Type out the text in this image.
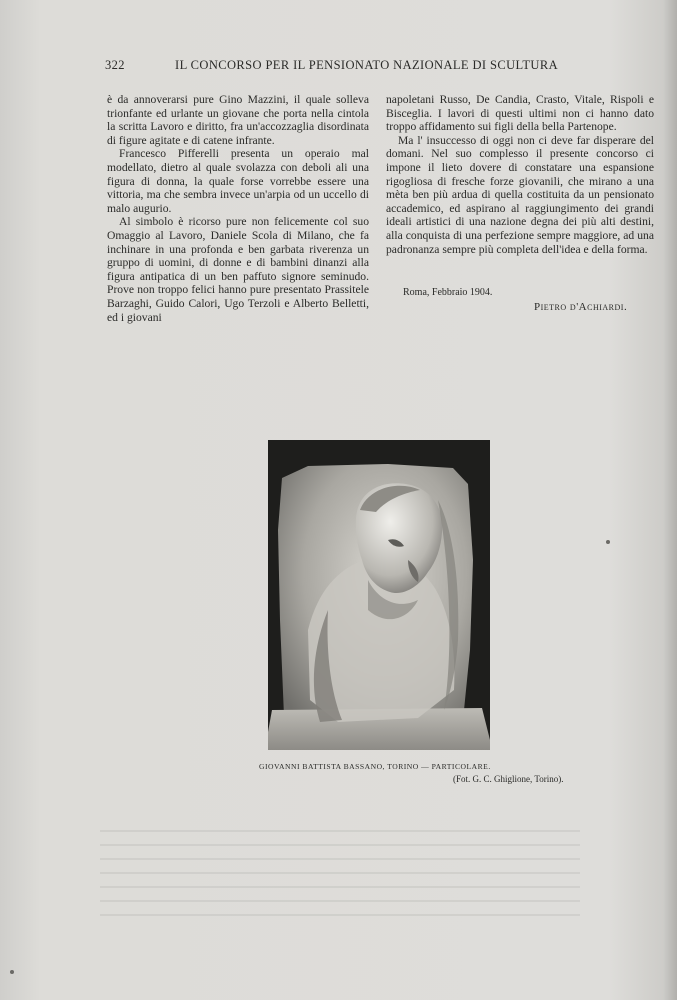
322	IL CONCORSO PER IL PENSIONATO NAZIONALE DI SCULTURA

è da annoverarsi pure Gino Mazzini, il quale solleva trionfante ed urlante un giovane che porta nella cintola la scritta Lavoro e diritto, fra un'accozzaglia disordinata di figure agitate e di catene infrante.

Francesco Pifferelli presenta un operaio mal modellato, dietro al quale svolazza con deboli ali una figura di donna, la quale forse vorrebbe essere una vittoria, ma che sembra invece un'arpia od un uccello di malo augurio.

Al simbolo è ricorso pure non felicemente col suo Omaggio al Lavoro, Daniele Scola di Milano, che fa inchinare in una profonda e ben garbata riverenza un gruppo di uomini, di donne e di bambini dinanzi alla figura antipatica di un ben paffuto signore seminudo. Prove non troppo felici hanno pure presentato Prassitele Barzaghi, Guido Calori, Ugo Terzoli e Alberto Belletti, ed i giovani

napoletani Russo, De Candia, Crasto, Vitale, Rispoli e Bisceglia. I lavori di questi ultimi non ci hanno dato troppo affidamento sui figli della bella Partenope.

Ma l' insuccesso di oggi non ci deve far disperare del domani. Nel suo complesso il presente concorso ci impone il lieto dovere di constatare una espansione rigogliosa di fresche forze giovanili, che mirano a una mèta ben più ardua di quella costituita da un pensionato accademico, ed aspirano al raggiungimento dei grandi ideali artistici di una nazione degna dei più alti destini, alla conquista di una perfezione sempre maggiore, ad una padronanza sempre più completa dell'idea e della forma.

Roma, Febbraio 1904.
Pietro d'Achiardi.
GIOVANNI BATTISTA BASSANO, TORINO — PARTICOLARE.
(Fot. G. C. Ghiglione, Torino).
